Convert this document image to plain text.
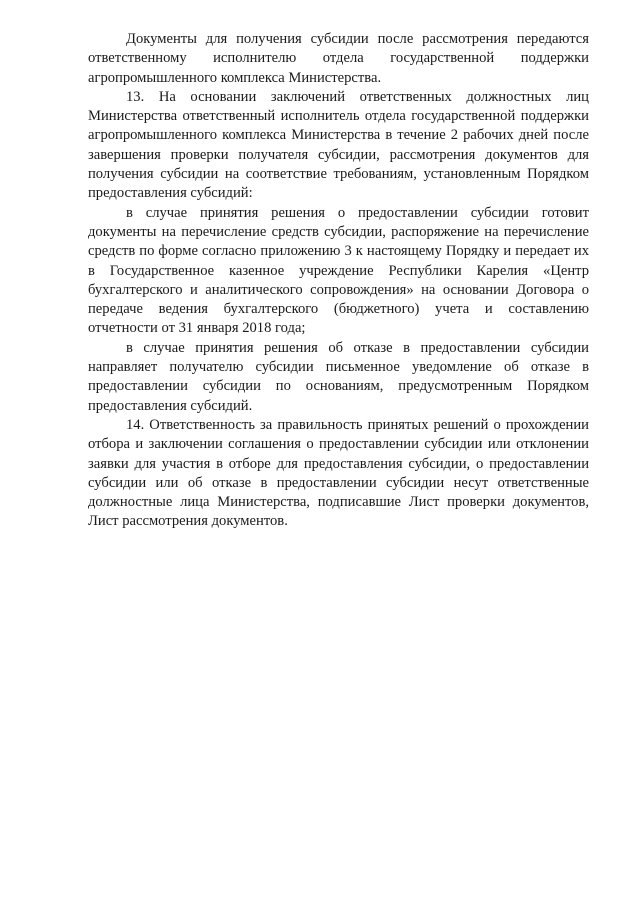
Документы для получения субсидии после рассмотрения передаются ответственному исполнителю отдела государственной поддержки агропромышленного комплекса Министерства.

13. На основании заключений ответственных должностных лиц Министерства ответственный исполнитель отдела государственной поддержки агропромышленного комплекса Министерства в течение 2 рабочих дней после завершения проверки получателя субсидии, рассмотрения документов для получения субсидии на соответствие требованиям, установленным Порядком предоставления субсидий:

в случае принятия решения о предоставлении субсидии готовит документы на перечисление средств субсидии, распоряжение на перечисление средств по форме согласно приложению 3 к настоящему Порядку и передает их в Государственное казенное учреждение Республики Карелия «Центр бухгалтерского и аналитического сопровождения» на основании Договора о передаче ведения бухгалтерского (бюджетного) учета и составлению отчетности от 31 января 2018 года;

в случае принятия решения об отказе в предоставлении субсидии направляет получателю субсидии письменное уведомление об отказе в предоставлении субсидии по основаниям, предусмотренным Порядком предоставления субсидий.

14. Ответственность за правильность принятых решений о прохождении отбора и заключении соглашения о предоставлении субсидии или отклонении заявки для участия в отборе для предоставления субсидии, о предоставлении субсидии или об отказе в предоставлении субсидии несут ответственные должностные лица Министерства, подписавшие Лист проверки документов, Лист рассмотрения документов.
